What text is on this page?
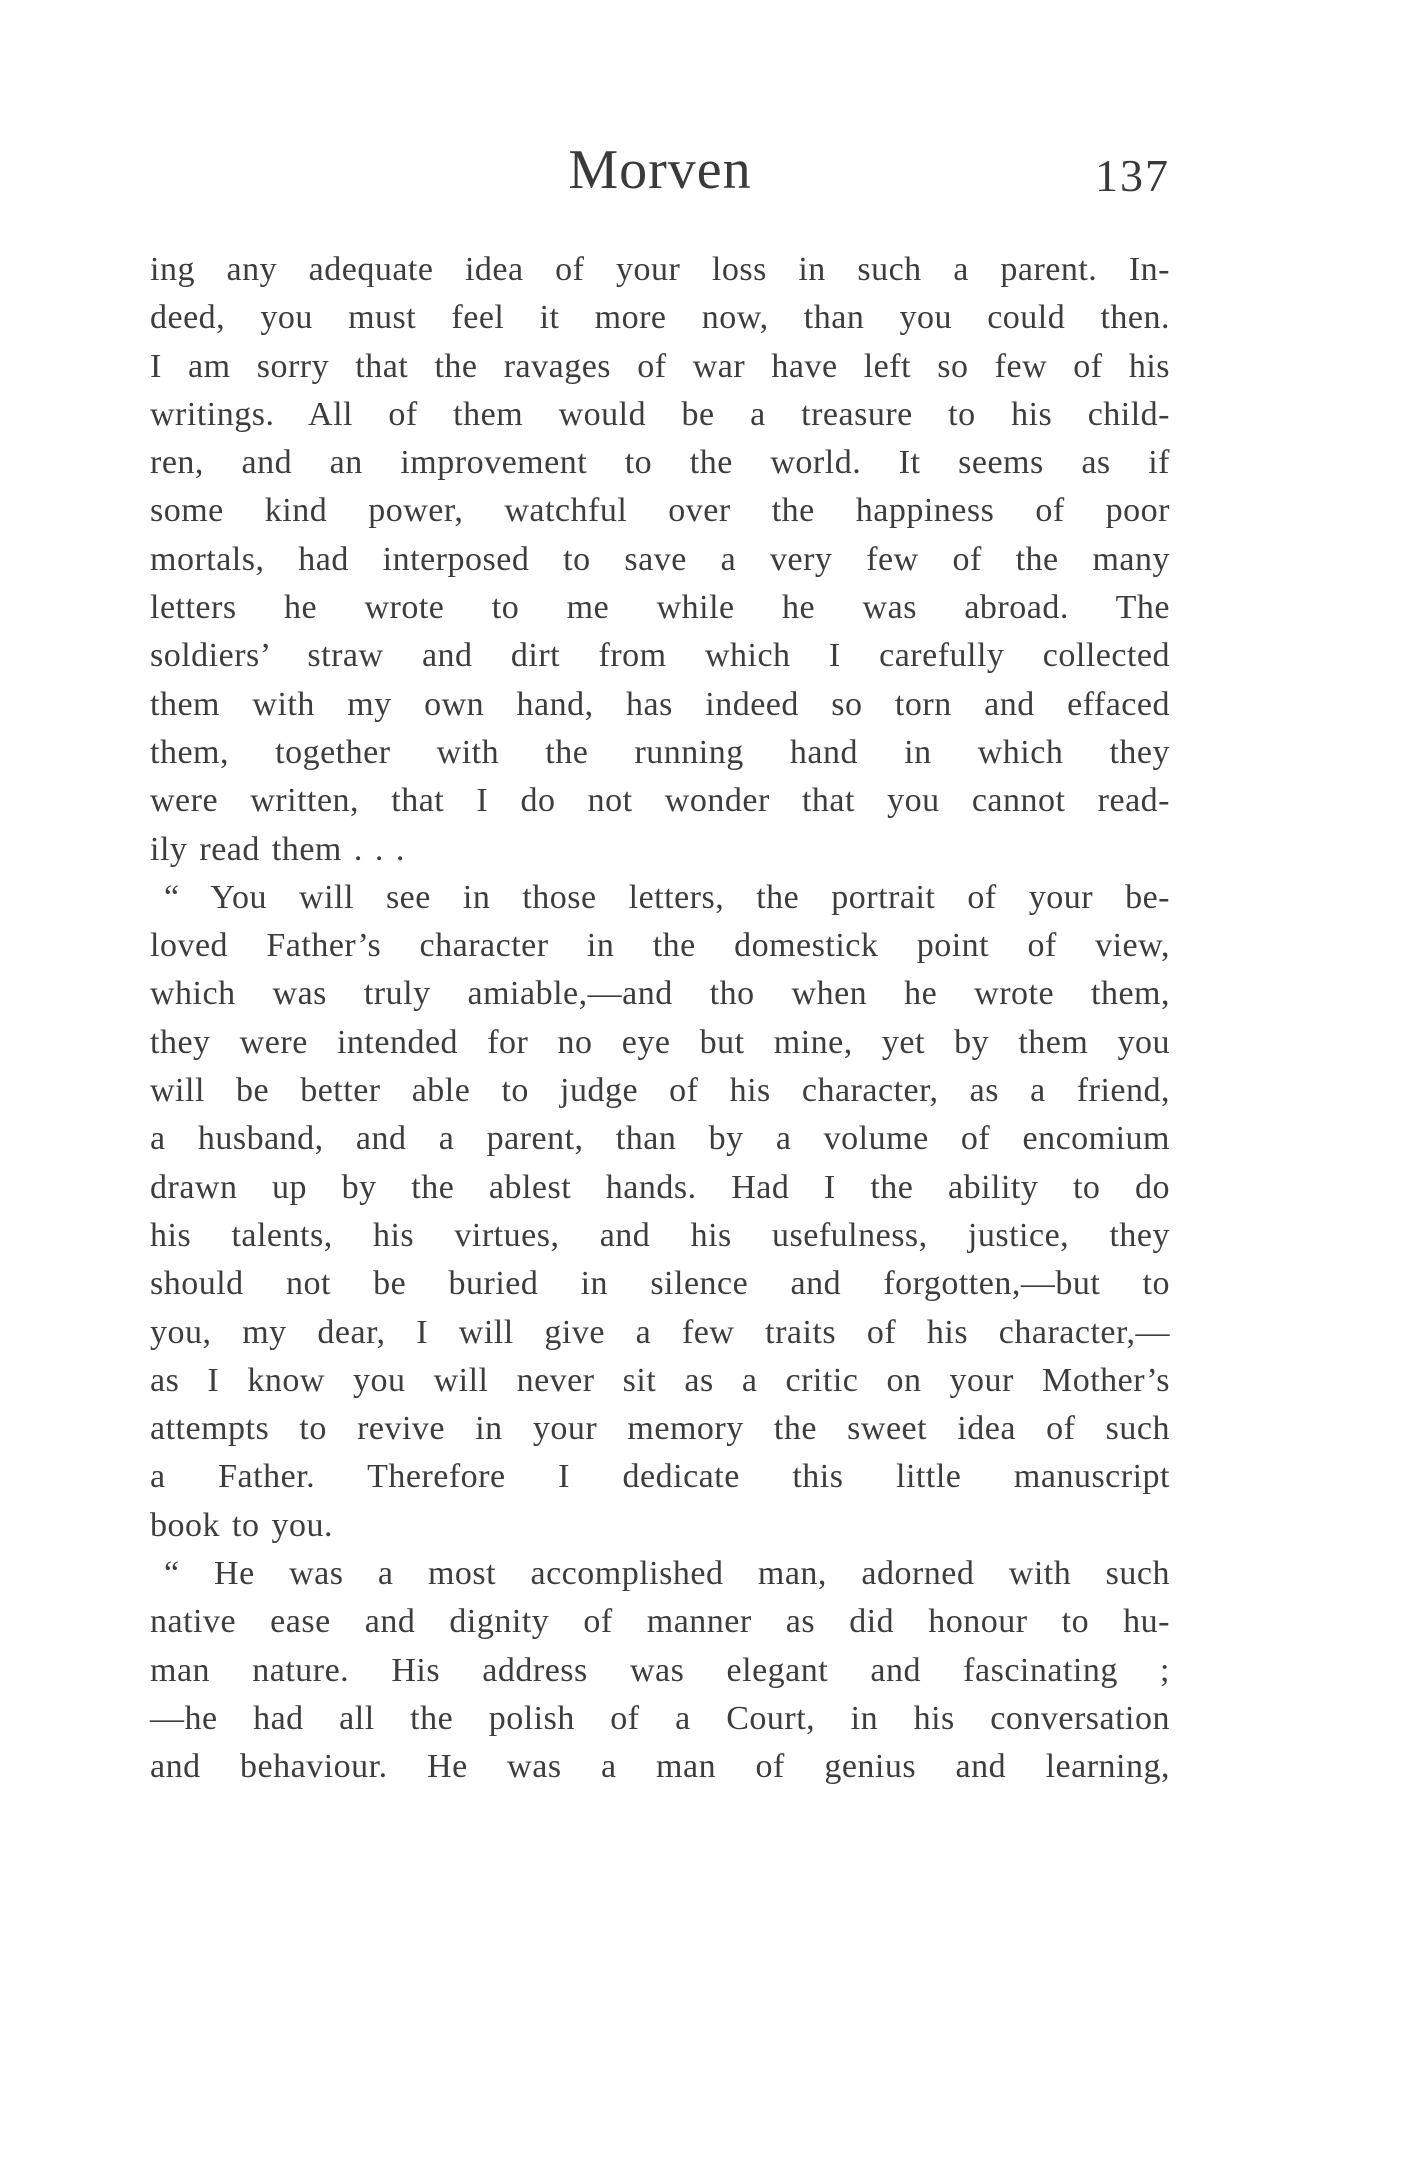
Morven	137
ing any adequate idea of your loss in such a parent. In-
deed, you must feel it more now, than you could then.
I am sorry that the ravages of war have left so few of his
writings. All of them would be a treasure to his child-
ren, and an improvement to the world. It seems as if
some kind power, watchful over the happiness of poor
mortals, had interposed to save a very few of the many
letters he wrote to me while he was abroad. The
soldiers’ straw and dirt from which I carefully collected
them with my own hand, has indeed so torn and effaced
them, together with the running hand in which they
were written, that I do not wonder that you cannot read-
ily read them . . .
“ You will see in those letters, the portrait of your be-
loved Father’s character in the domestick point of view,
which was truly amiable,—and tho when he wrote them,
they were intended for no eye but mine, yet by them you
will be better able to judge of his character, as a friend,
a husband, and a parent, than by a volume of encomium
drawn up by the ablest hands. Had I the ability to do
his talents, his virtues, and his usefulness, justice, they
should not be buried in silence and forgotten,—but to
you, my dear, I will give a few traits of his character,—
as I know you will never sit as a critic on your Mother’s
attempts to revive in your memory the sweet idea of such
a Father. Therefore I dedicate this little manuscript
book to you.
“ He was a most accomplished man, adorned with such
native ease and dignity of manner as did honour to hu-
man nature. His address was elegant and fascinating ;
—he had all the polish of a Court, in his conversation
and behaviour. He was a man of genius and learning,
